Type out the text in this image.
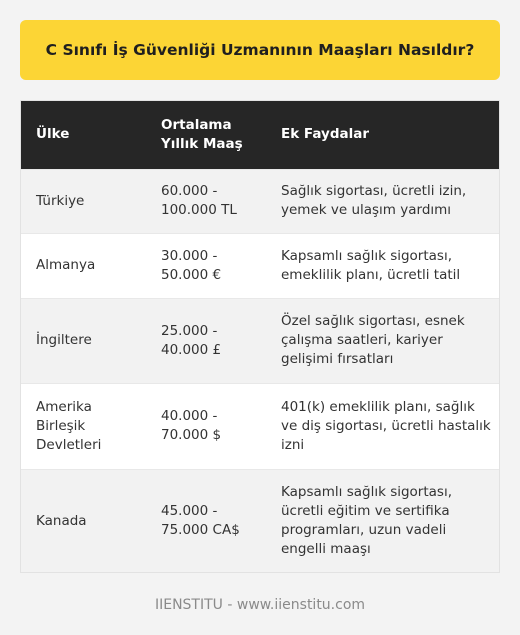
C Sınıfı İş Güvenliği Uzmanının Maaşları Nasıldır?
Ülke	Ortalama Yıllık Maaş	Ek Faydalar
Türkiye	60.000 - 100.000 TL	Sağlık sigortası, ücretli izin, yemek ve ulaşım yardımı
Almanya	30.000 - 50.000 €	Kapsamlı sağlık sigortası, emeklilik planı, ücretli tatil
İngiltere	25.000 - 40.000 £	Özel sağlık sigortası, esnek çalışma saatleri, kariyer gelişimi fırsatları
Amerika Birleşik Devletleri	40.000 - 70.000 $	401(k) emeklilik planı, sağlık ve diş sigortası, ücretli hastalık izni
Kanada	45.000 - 75.000 CA$	Kapsamlı sağlık sigortası, ücretli eğitim ve sertifika programları, uzun vadeli engelli maaşı
IIENSTITU - www.iienstitu.com
